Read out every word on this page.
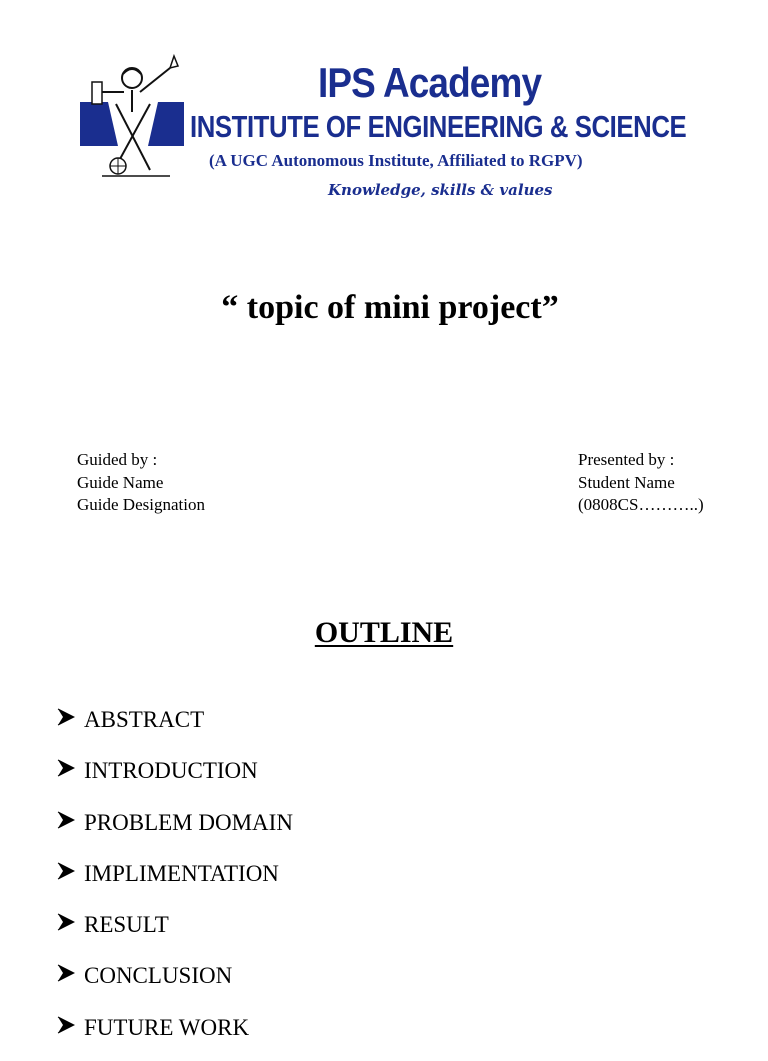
IPS Academy
INSTITUTE OF ENGINEERING & SCIENCE
(A UGC Autonomous Institute, Affiliated to RGPV)
Knowledge, skills & values
“ topic of mini project”
Guided by :
Guide Name
Guide Designation
Presented by :
Student Name
(0808CS………..)
OUTLINE
ABSTRACT
INTRODUCTION
PROBLEM DOMAIN
IMPLIMENTATION
RESULT
CONCLUSION
FUTURE WORK
